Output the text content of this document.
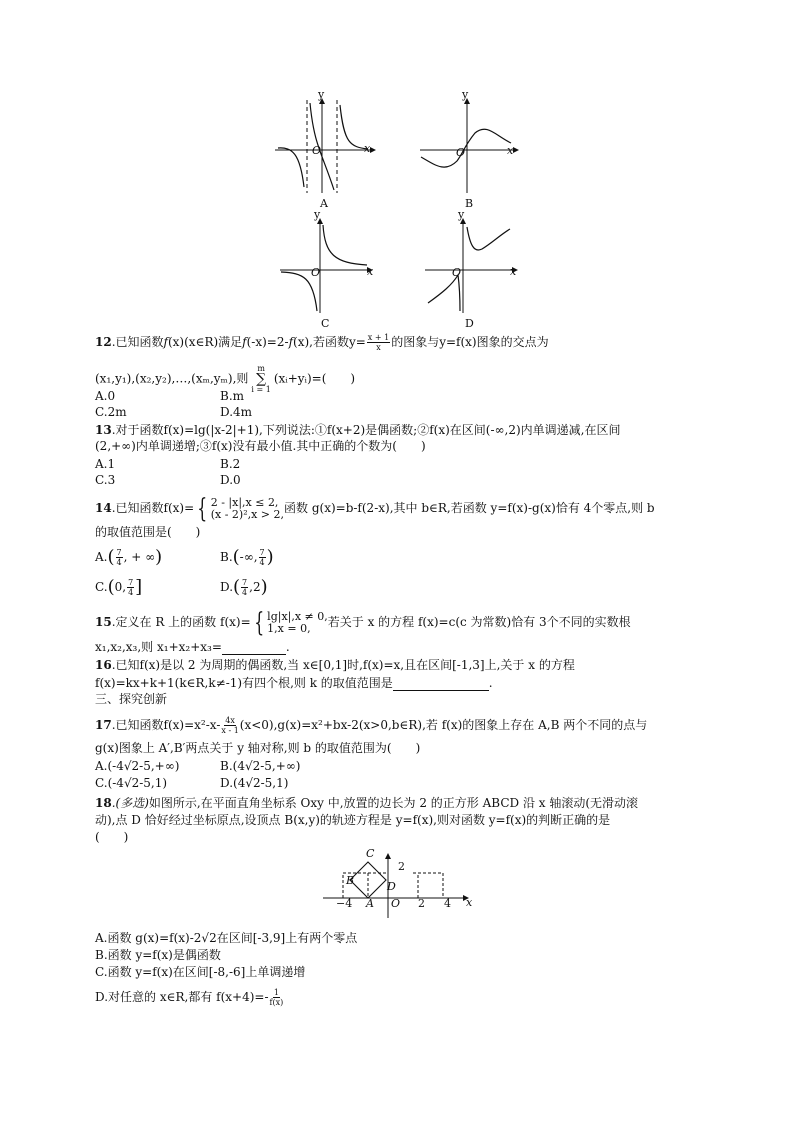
y
x
O
A
y
x
O
B
y
x
O
C
y
x
O
D
12.已知函数f(x)(x∈R)满足f(-x)=2-f(x),若函数$y= \frac{x + 1}{x}$ 的图象与y=f(x)图象的交点为
(x₁,y₁),(x₂,y₂),…,(xₘ,yₘ),则
m
∑
i = 1
(xᵢ+yᵢ)=(　　)
A.0	B.m
C.2m	D.4m
13.对于函数f(x)=lg(|x-2|+1),下列说法:①f(x+2)是偶函数;②f(x)在区间(-∞,2)内单调递减,在区间
(2,+∞)内单调递增;③f(x)没有最小值.其中正确的个数为(　　)
A.1	B.2
C.3	D.0
14.已知函数f(x)= { 2 - |x|,x ≤ 2,
(x - 2)²,x > 2, 函数 g(x)=b-f(2-x),其中 b∈R,若函数 y=f(x)-g(x)恰有 4个零点,则 b
的取值范围是(　　)
$A.( \frac{7}{4}$ , + ∞)	B.(-∞, $\frac{7}{4}$ )
C.(0, $\frac{7}{4}$ ]	$D.( \frac{7}{4} ,2)$
15.定义在 R 上的函数 f(x)= { lg|x|,x ≠ 0,
1,x = 0,	若关于 x 的方程 f(x)=c(c 为常数)恰有 3个不同的实数根
x₁,x₂,x₃,则 x₁+x₂+x₃=	.
16.已知f(x)是以 2 为周期的偶函数,当 x∈[0,1]时,f(x)=x,且在区间[-1,3]上,关于 x 的方程
f(x)=kx+k+1(k∈R,k≠-1)有四个根,则 k 的取值范围是	.
三、探究创新
17.已知函数$f(x)=x^2-x- \frac{4x}{x - 1}$ (x<0),g(x)=x²+bx-2(x>0,b∈R),若 f(x)的图象上存在 A,B 两个不同的点与
g(x)图象上 A′,B′两点关于 y 轴对称,则 b 的取值范围为(　　)
A.(-4√2-5,+∞)	B.(4√2-5,+∞)
C.(-4√2-5,1)	D.(4√2-5,1)
18.(多选)如图所示,在平面直角坐标系 Oxy 中,放置的边长为 2 的正方形 ABCD 沿 x 轴滚动(无滑动滚
动),点 D 恰好经过坐标原点,设顶点 B(x,y)的轨迹方程是 y=f(x),则对函数 y=f(x)的判断正确的是
(　　)
C
B	D
A O	x
2
−4	2 4
A.函数 g(x)=f(x)-2√2在区间[-3,9]上有两个零点
B.函数 y=f(x)是偶函数
C.函数 y=f(x)在区间[-8,-6]上单调递增
D.对任意的 x∈R,都有 $f(x+4)=- \frac{1}{f(x)}$
